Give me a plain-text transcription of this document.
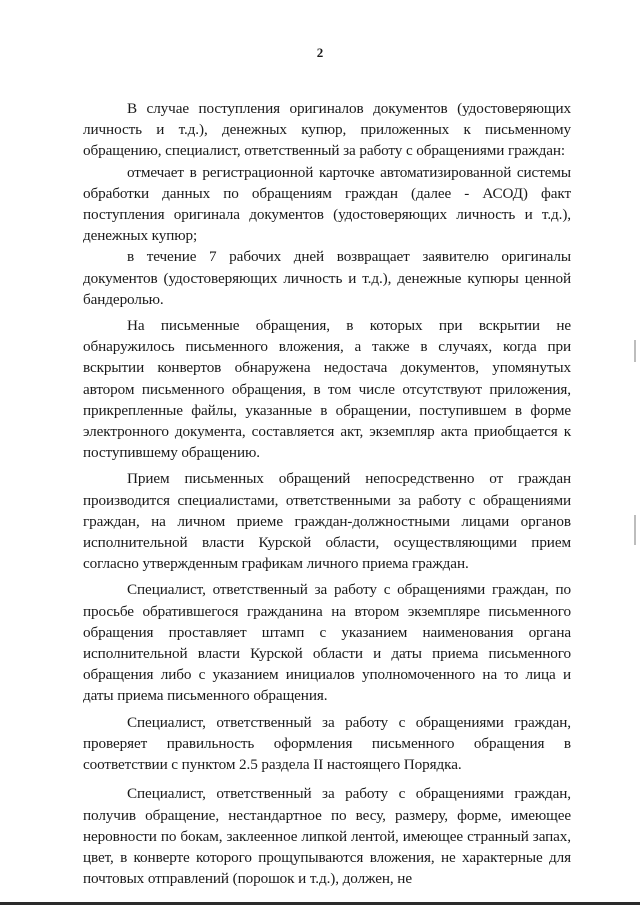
2

В случае поступления оригиналов документов (удостоверяющих личность и т.д.), денежных купюр, приложенных к письменному обращению, специалист, ответственный за работу с обращениями граждан:

отмечает в регистрационной карточке автоматизированной системы обработки данных по обращениям граждан (далее - АСОД) факт поступления оригинала документов (удостоверяющих личность и т.д.), денежных купюр;

в течение 7 рабочих дней возвращает заявителю оригиналы документов (удостоверяющих личность и т.д.), денежные купюры ценной бандеролью.

На письменные обращения, в которых при вскрытии не обнаружилось письменного вложения, а также в случаях, когда при вскрытии конвертов обнаружена недостача документов, упомянутых автором письменного обращения, в том числе отсутствуют приложения, прикрепленные файлы, указанные в обращении, поступившем в форме электронного документа, составляется акт, экземпляр акта приобщается к поступившему обращению.

Прием письменных обращений непосредственно от граждан производится специалистами, ответственными за работу с обращениями граждан, на личном приеме граждан-должностными лицами органов исполнительной власти Курской области, осуществляющими прием согласно утвержденным графикам личного приема граждан.

Специалист, ответственный за работу с обращениями граждан, по просьбе обратившегося гражданина на втором экземпляре письменного обращения проставляет штамп с указанием наименования органа исполнительной власти Курской области и даты приема письменного обращения либо с указанием инициалов уполномоченного на то лица и даты приема письменного обращения.

Специалист, ответственный за работу с обращениями граждан, проверяет правильность оформления письменного обращения в соответствии с пунктом 2.5 раздела II настоящего Порядка.

Специалист, ответственный за работу с обращениями граждан, получив обращение, нестандартное по весу, размеру, форме, имеющее неровности по бокам, заклеенное липкой лентой, имеющее странный запах, цвет, в конверте которого прощупываются вложения, не характерные для почтовых отправлений (порошок и т.д.), должен, не
